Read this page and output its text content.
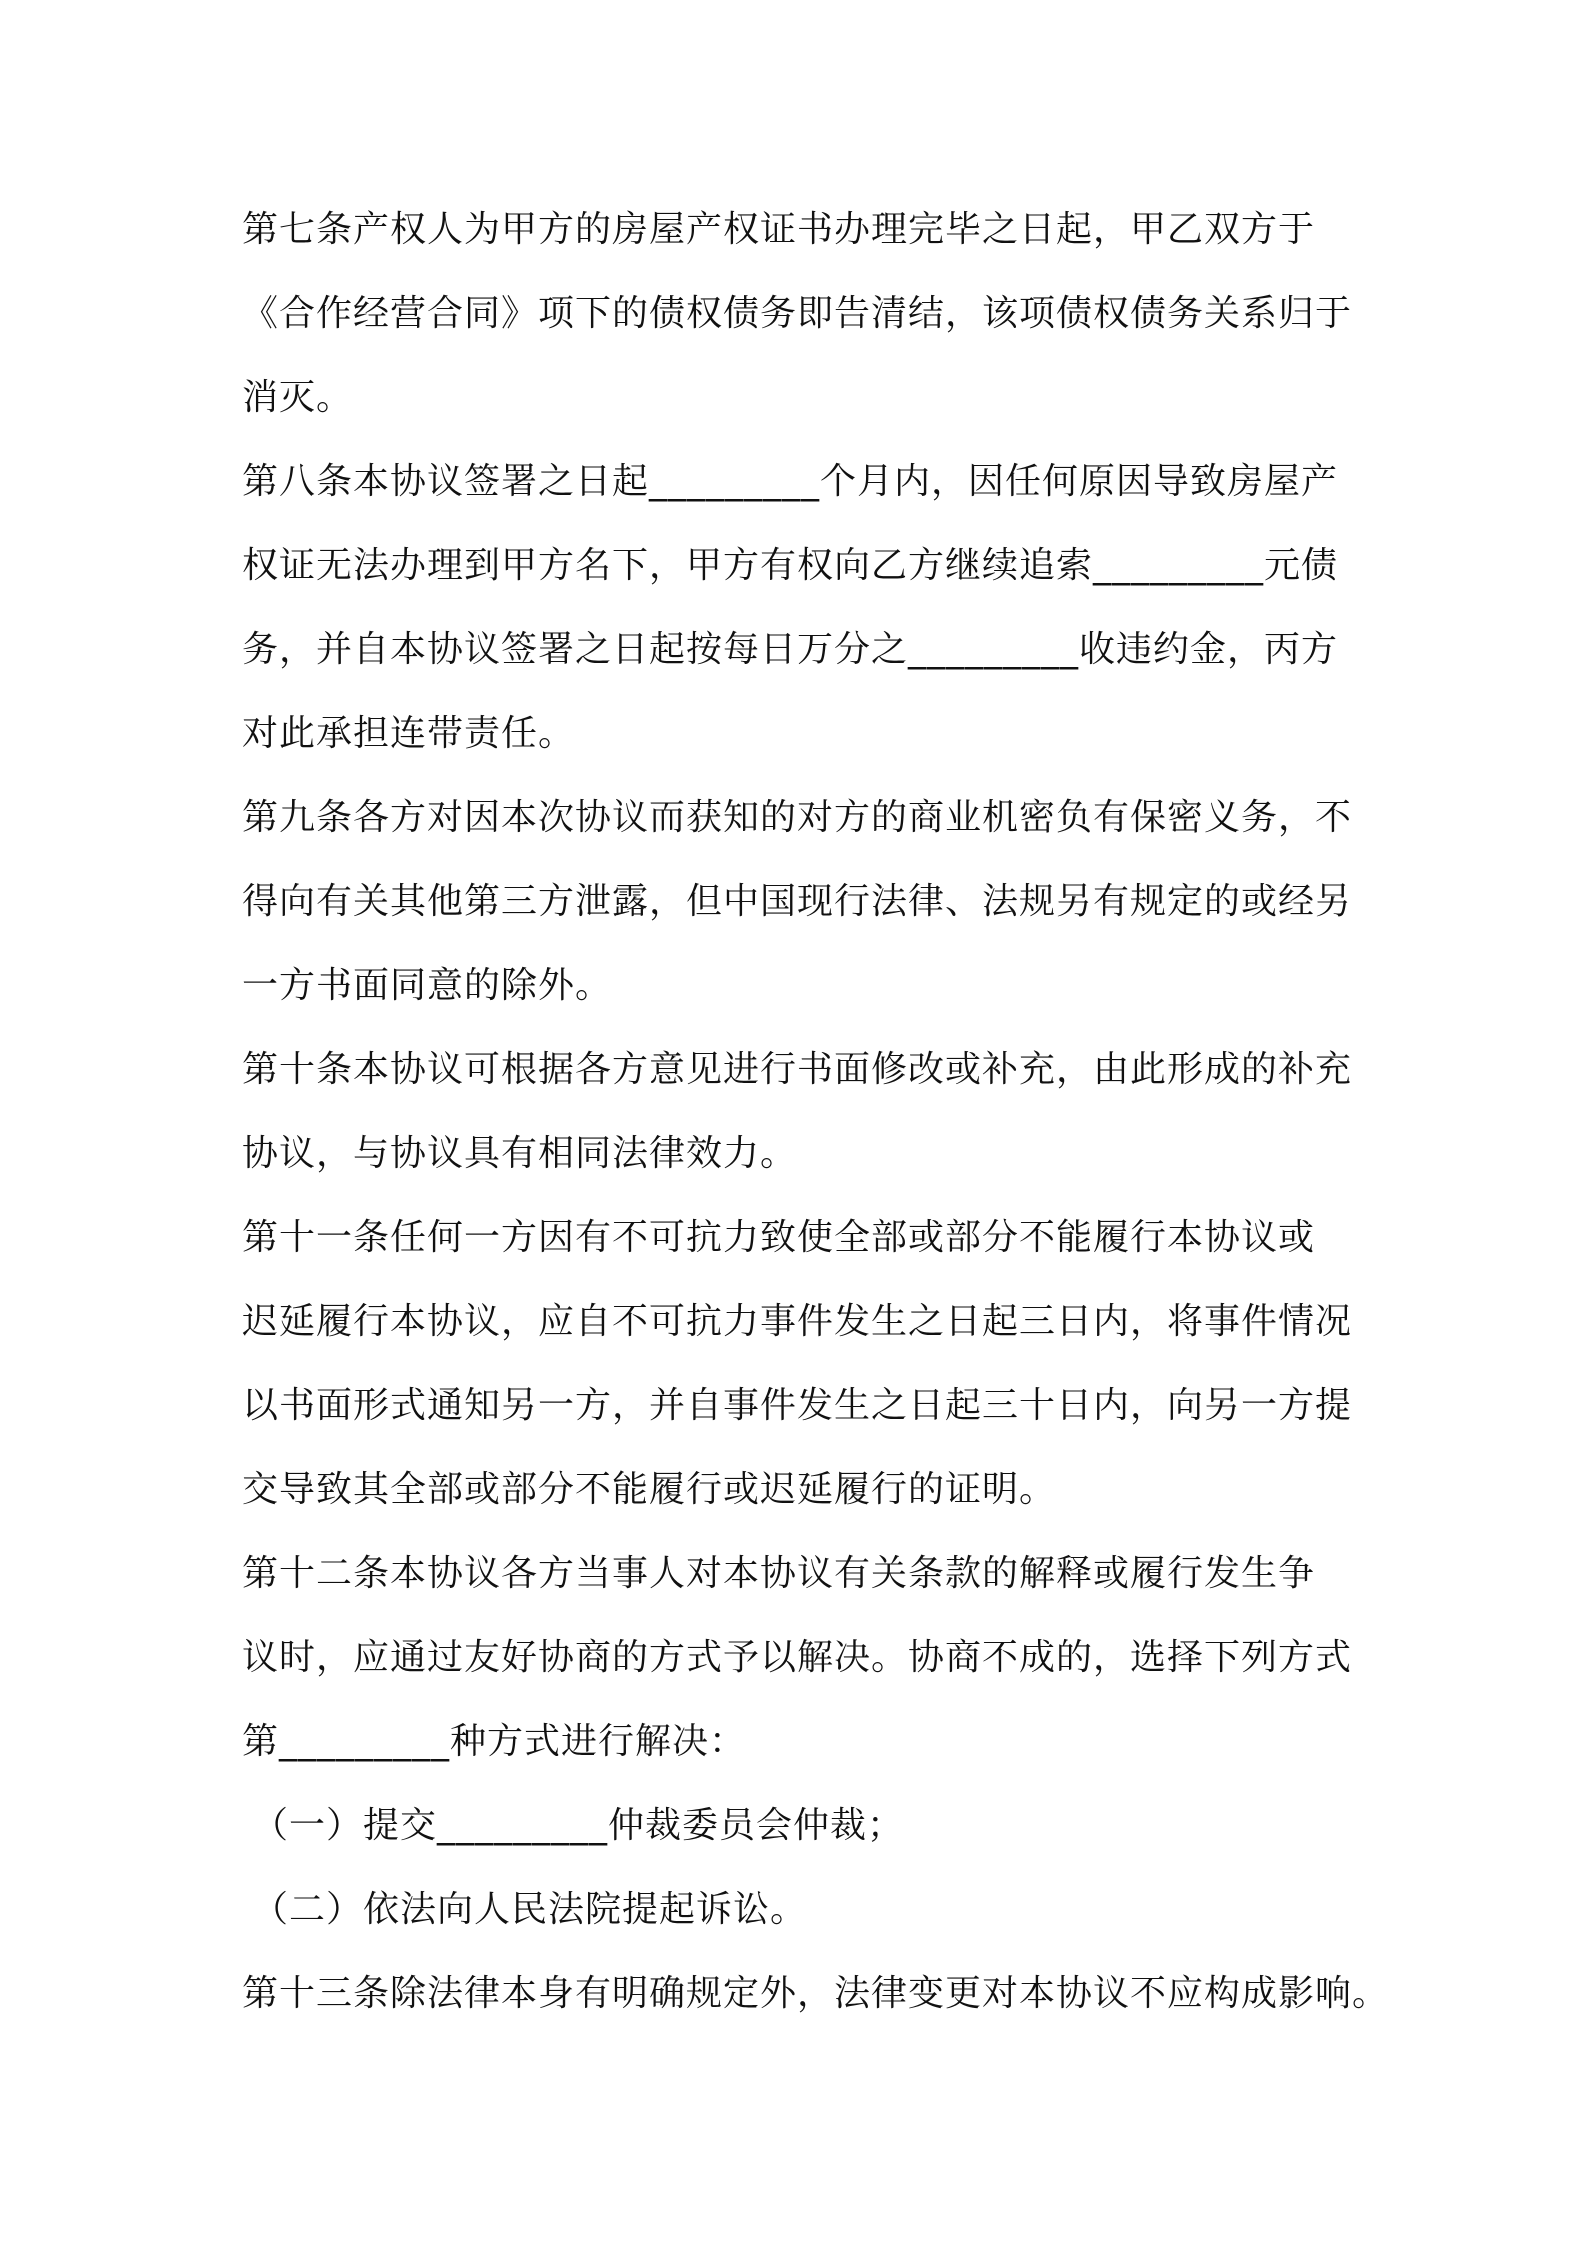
第七条产权人为甲方的房屋产权证书办理完毕之日起，甲乙双方于
《合作经营合同》项下的债权债务即告清结，该项债权债务关系归于
消灭。
第八条本协议签署之日起_________个月内，因任何原因导致房屋产
权证无法办理到甲方名下，甲方有权向乙方继续追索_________元债
务，并自本协议签署之日起按每日万分之_________收违约金，丙方
对此承担连带责任。
第九条各方对因本次协议而获知的对方的商业机密负有保密义务，不
得向有关其他第三方泄露，但中国现行法律、法规另有规定的或经另
一方书面同意的除外。
第十条本协议可根据各方意见进行书面修改或补充，由此形成的补充
协议，与协议具有相同法律效力。
第十一条任何一方因有不可抗力致使全部或部分不能履行本协议或
迟延履行本协议，应自不可抗力事件发生之日起三日内，将事件情况
以书面形式通知另一方，并自事件发生之日起三十日内，向另一方提
交导致其全部或部分不能履行或迟延履行的证明。
第十二条本协议各方当事人对本协议有关条款的解释或履行发生争
议时，应通过友好协商的方式予以解决。协商不成的，选择下列方式
第_________种方式进行解决：
（一）提交_________仲裁委员会仲裁；
（二）依法向人民法院提起诉讼。
第十三条除法律本身有明确规定外，法律变更对本协议不应构成影响。
